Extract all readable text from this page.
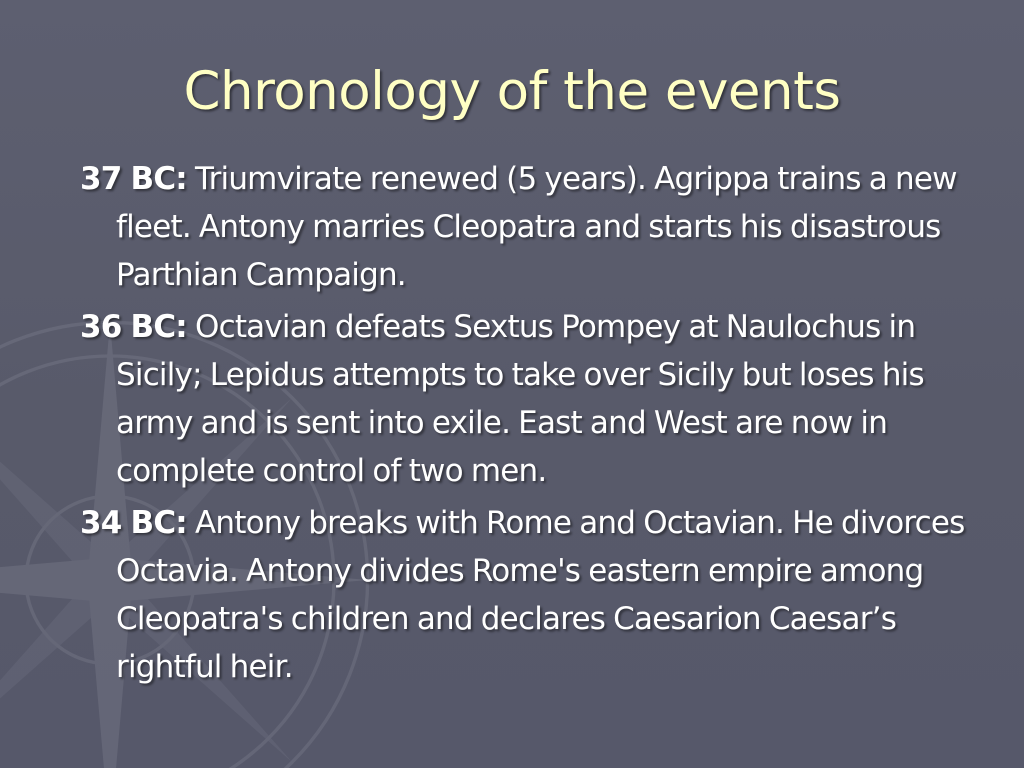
Chronology of the events
37 BC: Triumvirate renewed (5 years). Agrippa trains a new fleet. Antony marries Cleopatra and starts his disastrous Parthian Campaign.
36 BC: Octavian defeats Sextus Pompey at Naulochus in Sicily; Lepidus attempts to take over Sicily but loses his army and is sent into exile. East and West are now in complete control of two men.
34 BC: Antony breaks with Rome and Octavian. He divorces Octavia. Antony divides Rome's eastern empire among Cleopatra's children and declares Caesarion Caesar’s rightful heir.
